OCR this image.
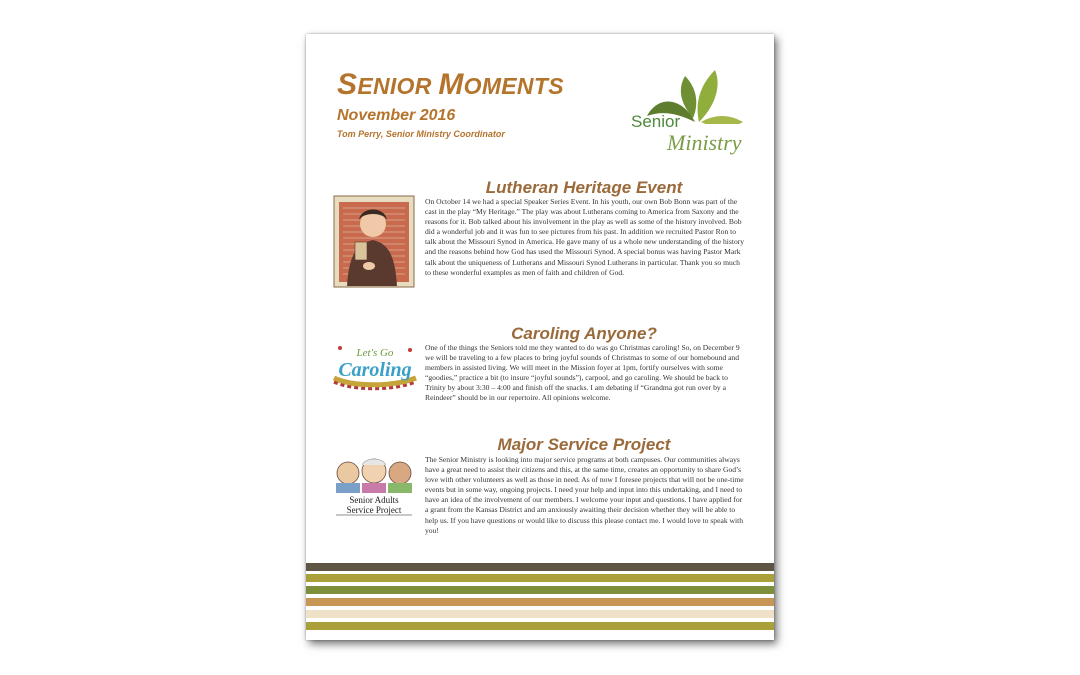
SENIOR MOMENTS
November 2016
Tom Perry, Senior Ministry Coordinator
Senior
Ministry
Lutheran Heritage Event

On October 14 we had a special Speaker Series Event. In his youth, our own Bob Bonn was part of the cast in the play “My Heritage.” The play was about Lutherans coming to America from Saxony and the reasons for it. Bob talked about his involvement in the play as well as some of the history involved. Bob did a wonderful job and it was fun to see pictures from his past. In addition we recruited Pastor Ron to talk about the Missouri Synod in America. He gave many of us a whole new understanding of the history and the reasons behind how God has used the Missouri Synod. A special bonus was having Pastor Mark talk about the uniqueness of Lutherans and Missouri Synod Lutherans in particular. Thank you so much to these wonderful examples as men of faith and children of God.

Caroling Anyone?
Let's Go
Caroling

One of the things the Seniors told me they wanted to do was go Christmas caroling! So, on December 9 we will be traveling to a few places to bring joyful sounds of Christmas to some of our homebound and members in assisted living. We will meet in the Mission foyer at 1pm, fortify ourselves with some “goodies,” practice a bit (to insure “joyful sounds”), carpool, and go caroling. We should be back to Trinity by about 3:30 – 4:00 and finish off the snacks. I am debating if “Grandma got run over by a Reindeer” should be in our repertoire. All opinions welcome.

Major Service Project
Senior Adults
Service Project

The Senior Ministry is looking into major service programs at both campuses. Our communities always have a great need to assist their citizens and this, at the same time, creates an opportunity to share God’s love with other volunteers as well as those in need. As of now I foresee projects that will not be one-time events but in some way, ongoing projects. I need your help and input into this undertaking, and I need to have an idea of the involvement of our members. I welcome your input and questions. I have applied for a grant from the Kansas District and am anxiously awaiting their decision whether they will be able to help us. If you have questions or would like to discuss this please contact me. I would love to speak with you!
